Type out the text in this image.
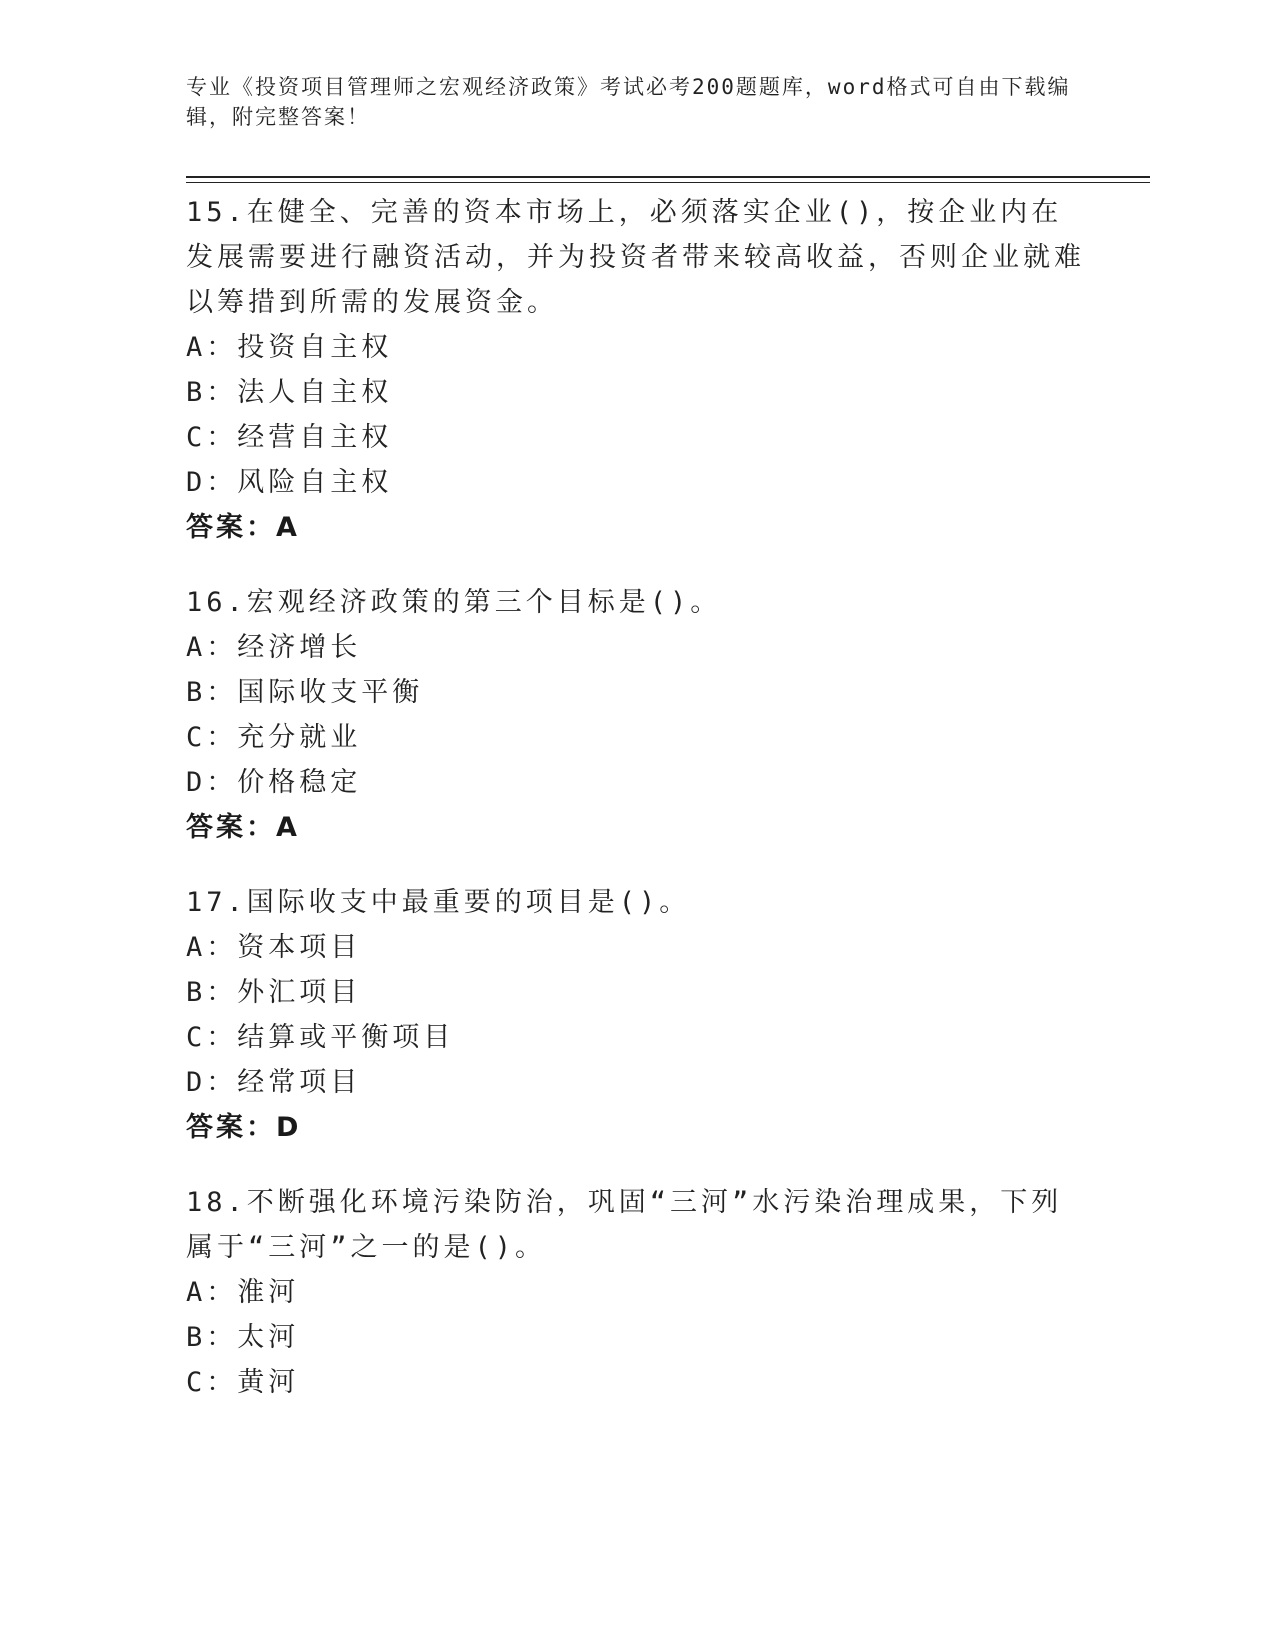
专业《投资项目管理师之宏观经济政策》考试必考200题题库，word格式可自由下载编辑，附完整答案！

15.在健全、完善的资本市场上，必须落实企业()，按企业内在发展需要进行融资活动，并为投资者带来较高收益，否则企业就难以筹措到所需的发展资金。

A：投资自主权
B：法人自主权
C：经营自主权
D：风险自主权
答案：A

16.宏观经济政策的第三个目标是()。

A：经济增长
B：国际收支平衡
C：充分就业
D：价格稳定
答案：A

17.国际收支中最重要的项目是()。

A：资本项目
B：外汇项目
C：结算或平衡项目
D：经常项目
答案：D

18.不断强化环境污染防治，巩固“三河”水污染治理成果，下列属于“三河”之一的是()。

A：淮河
B：太河
C：黄河
